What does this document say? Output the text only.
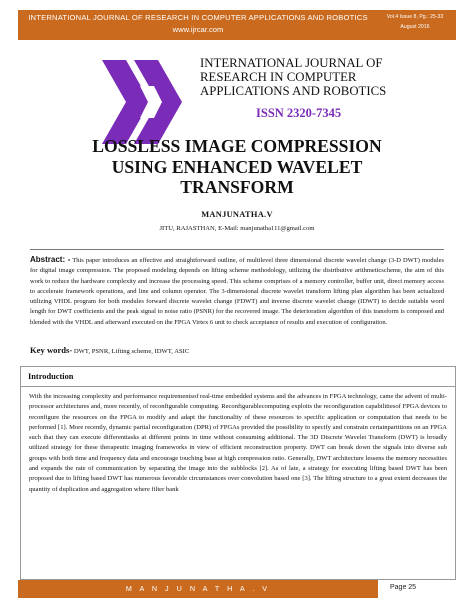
INTERNATIONAL JOURNAL OF RESEARCH IN COMPUTER APPLICATIONS AND ROBOTICS
www.ijrcar.com
Vol.4 Issue 8, Pg.: 25-33
August 2016
INTERNATIONAL JOURNAL OF
RESEARCH IN COMPUTER
APPLICATIONS AND ROBOTICS
ISSN 2320-7345
LOSSLESS IMAGE COMPRESSION
USING ENHANCED WAVELET
TRANSFORM
MANJUNATHA.V
JITU, RAJASTHAN, E-Mail: manjunatha111@gmail.com
Abstract: - This paper introduces an effective and straightforward outline, of multilevel three dimensional discrete wavelet change (3-D DWT) modules for digital image compression. The proposed modeling depends on lifting scheme methodology, utilizing the distributive arithmeticscheme, the aim of this work to reduce the hardware complexity and increase the processing speed. This scheme comprises of a memory controller, buffer unit, direct memory access to accelerate framework operations, and line and column operator. The 3-dimensional discrete wavelet transform lifting plan algorithm has been actualized utilizing VHDL program for both modules forward discrete wavelet change (FDWT) and inverse discrete wavelet change (IDWT) to decide suitable word length for DWT coefficients and the peak signal to noise ratio (PSNR) for the recovered image. The deterioration algorithm of this transform is composed and blended with the VHDL and afterward executed on the FPGA Virtex 6 unit to check acceptance of results and execution of configuration.
Key words- DWT, PSNR, Lifting scheme, IDWT, ASIC
Introduction
With the increasing complexity and performance requirementsof real-time embedded systems and the advances in FPGA technology, came the advent of multi-processor architectures and, more recently, of reconfigurable computing. Reconfigurablecomputing exploits the reconfiguration capabilitiesof FPGA devices to reconfigure the resources on the FPGA to modify and adapt the functionality of these resources to specific application or computation that needs to be performed [1]. More recently, dynamic partial reconfiguration (DPR) of FPGAs provided the possibility to specify and constrain certainpartitions on an FPGA such that they can execute differenttasks at different points in time without consuming additional. The 3D Discrete Wavelet Transform (DWT) is broadly utilized strategy for these therapeutic imaging frameworks in view of efficient reconstruction property. DWT can break down the signals into diverse sub groups with both time and frequency data and encourage touching base at high compression ratio. Generally, DWT architecture lessens the memory necessities and expands the rate of communication by separating the image into the subblocks [2]. As of late, a strategy for executing lifting based DWT has been proposed due to lifting based DWT has numerous favorable circumstances over convolution based one [3]. The lifting structure to a great extent decreases the quantity of duplication and aggregation where filter bank
M A N J U N A T H A . V	Page 25
